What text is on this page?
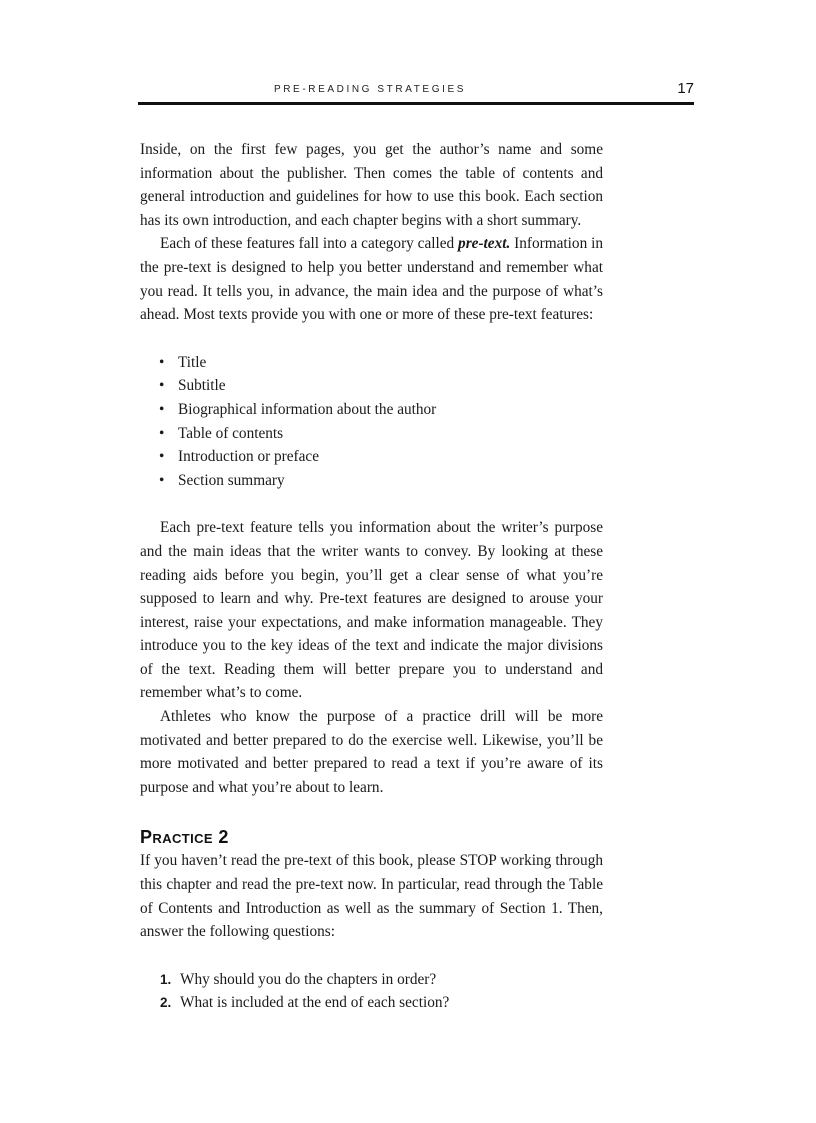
PRE-READING STRATEGIES	17

Inside, on the first few pages, you get the author’s name and some information about the publisher. Then comes the table of contents and general introduction and guidelines for how to use this book. Each section has its own introduction, and each chapter begins with a short summary.

Each of these features fall into a category called pre-text. Information in the pre-text is designed to help you better understand and remember what you read. It tells you, in advance, the main idea and the purpose of what’s ahead. Most texts provide you with one or more of these pre-text features:

• Title
• Subtitle
• Biographical information about the author
• Table of contents
• Introduction or preface
• Section summary

Each pre-text feature tells you information about the writer’s purpose and the main ideas that the writer wants to convey. By looking at these reading aids before you begin, you’ll get a clear sense of what you’re supposed to learn and why. Pre-text features are designed to arouse your interest, raise your expectations, and make information manageable. They introduce you to the key ideas of the text and indicate the major divisions of the text. Reading them will better prepare you to understand and remember what’s to come.

Athletes who know the purpose of a practice drill will be more motivated and better prepared to do the exercise well. Likewise, you’ll be more motivated and better prepared to read a text if you’re aware of its purpose and what you’re about to learn.

Practice 2

If you haven’t read the pre-text of this book, please STOP working through this chapter and read the pre-text now. In particular, read through the Table of Contents and Introduction as well as the summary of Section 1. Then, answer the following questions:

1. Why should you do the chapters in order?
2. What is included at the end of each section?
